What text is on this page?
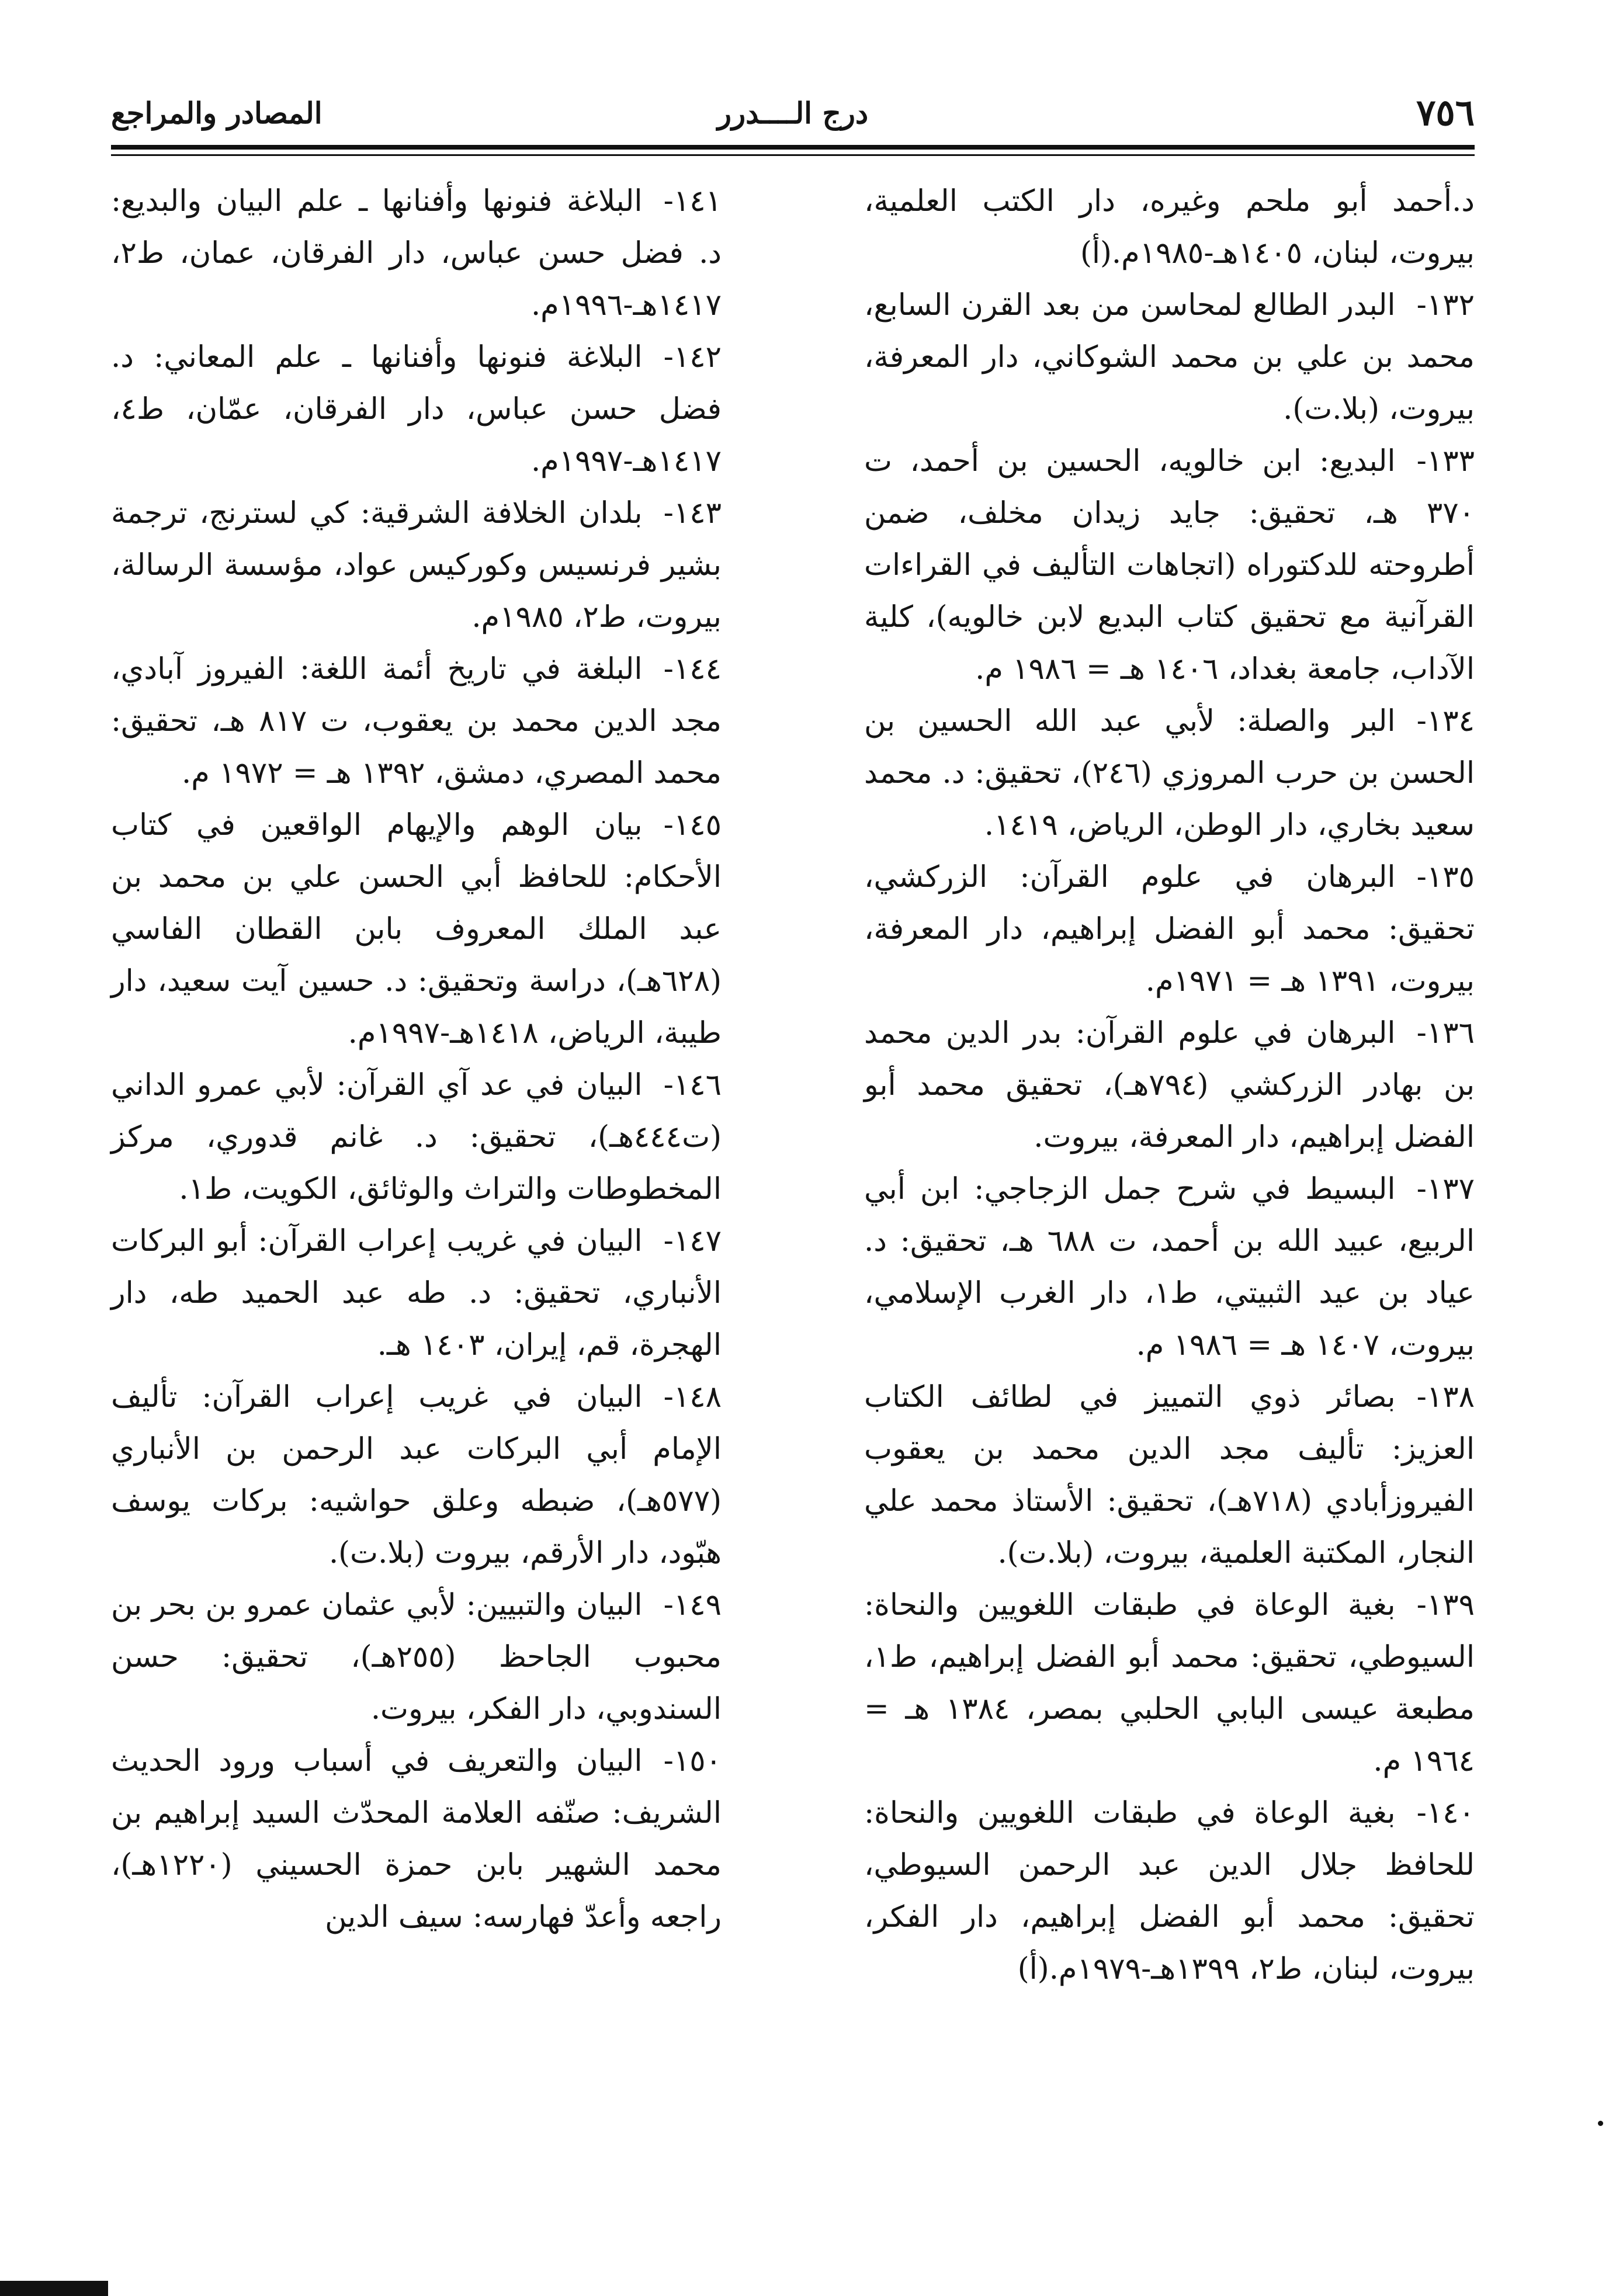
٧٥٦
درج الــــدرر
المصادر والمراجع

د.أحمد أبو ملحم وغيره، دار الكتب العلمية، بيروت، لبنان، ١٤٠٥هـ-١٩٨٥م.(أ)

١٣٢-البدر الطالع لمحاسن من بعد القرن السابع، محمد بن علي بن محمد الشوكاني، دار المعرفة، بيروت، (بلا.ت).

١٣٣-البديع: ابن خالويه، الحسين بن أحمد، ت ٣٧٠ هـ، تحقيق: جايد زيدان مخلف، ضمن أطروحته للدكتوراه (اتجاهات التأليف في القراءات القرآنية مع تحقيق كتاب البديع لابن خالويه)، كلية الآداب، جامعة بغداد، ١٤٠٦ هـ = ١٩٨٦ م.

١٣٤-البر والصلة: لأبي عبد الله الحسين بن الحسن بن حرب المروزي (٢٤٦)، تحقيق: د. محمد سعيد بخاري، دار الوطن، الرياض، ١٤١٩.

١٣٥-البرهان في علوم القرآن: الزركشي، تحقيق: محمد أبو الفضل إبراهيم، دار المعرفة، بيروت، ١٣٩١ هـ = ١٩٧١م.

١٣٦-البرهان في علوم القرآن: بدر الدين محمد بن بهادر الزركشي (٧٩٤هـ)، تحقيق محمد أبو الفضل إبراهيم، دار المعرفة، بيروت.

١٣٧-البسيط في شرح جمل الزجاجي: ابن أبي الربيع، عبيد الله بن أحمد، ت ٦٨٨ هـ، تحقيق: د. عياد بن عيد الثبيتي، ط١، دار الغرب الإسلامي، بيروت، ١٤٠٧ هـ = ١٩٨٦ م.

١٣٨-بصائر ذوي التمييز في لطائف الكتاب العزيز: تأليف مجد الدين محمد بن يعقوب الفيروزأبادي (٧١٨هـ)، تحقيق: الأستاذ محمد علي النجار، المكتبة العلمية، بيروت، (بلا.ت).

١٣٩-بغية الوعاة في طبقات اللغويين والنحاة: السيوطي، تحقيق: محمد أبو الفضل إبراهيم، ط١، مطبعة عيسى البابي الحلبي بمصر، ١٣٨٤ هـ = ١٩٦٤ م.

١٤٠-بغية الوعاة في طبقات اللغويين والنحاة: للحافظ جلال الدين عبد الرحمن السيوطي، تحقيق: محمد أبو الفضل إبراهيم، دار الفكر، بيروت، لبنان، ط٢، ١٣٩٩هـ-١٩٧٩م.(أ)

١٤١-البلاغة فنونها وأفنانها ـ علم البيان والبديع: د. فضل حسن عباس، دار الفرقان، عمان، ط٢، ١٤١٧هـ-١٩٩٦م.

١٤٢-البلاغة فنونها وأفنانها ـ علم المعاني: د. فضل حسن عباس، دار الفرقان، عمّان، ط٤، ١٤١٧هـ-١٩٩٧م.

١٤٣-بلدان الخلافة الشرقية: كي لسترنج، ترجمة بشير فرنسيس وكوركيس عواد، مؤسسة الرسالة، بيروت، ط٢، ١٩٨٥م.

١٤٤-البلغة في تاريخ أئمة اللغة: الفيروز آبادي، مجد الدين محمد بن يعقوب، ت ٨١٧ هـ، تحقيق: محمد المصري، دمشق، ١٣٩٢ هـ = ١٩٧٢ م.

١٤٥-بيان الوهم والإيهام الواقعين في كتاب الأحكام: للحافظ أبي الحسن علي بن محمد بن عبد الملك المعروف بابن القطان الفاسي (٦٢٨هـ)، دراسة وتحقيق: د. حسين آيت سعيد، دار طيبة، الرياض، ١٤١٨هـ-١٩٩٧م.

١٤٦-البيان في عد آي القرآن: لأبي عمرو الداني (ت٤٤٤هـ)، تحقيق: د. غانم قدوري، مركز المخطوطات والتراث والوثائق، الكويت، ط١.

١٤٧-البيان في غريب إعراب القرآن: أبو البركات الأنباري، تحقيق: د. طه عبد الحميد طه، دار الهجرة، قم، إيران، ١٤٠٣ هـ.

١٤٨-البيان في غريب إعراب القرآن: تأليف الإمام أبي البركات عبد الرحمن بن الأنباري (٥٧٧هـ)، ضبطه وعلق حواشيه: بركات يوسف هبّود، دار الأرقم، بيروت (بلا.ت).

١٤٩-البيان والتبيين: لأبي عثمان عمرو بن بحر بن محبوب الجاحظ (٢٥٥هـ)، تحقيق: حسن السندوبي، دار الفكر، بيروت.

١٥٠-البيان والتعريف في أسباب ورود الحديث الشريف: صنّفه العلامة المحدّث السيد إبراهيم بن محمد الشهير بابن حمزة الحسيني (١٢٢٠هـ)، راجعه وأعدّ فهارسه: سيف الدين
